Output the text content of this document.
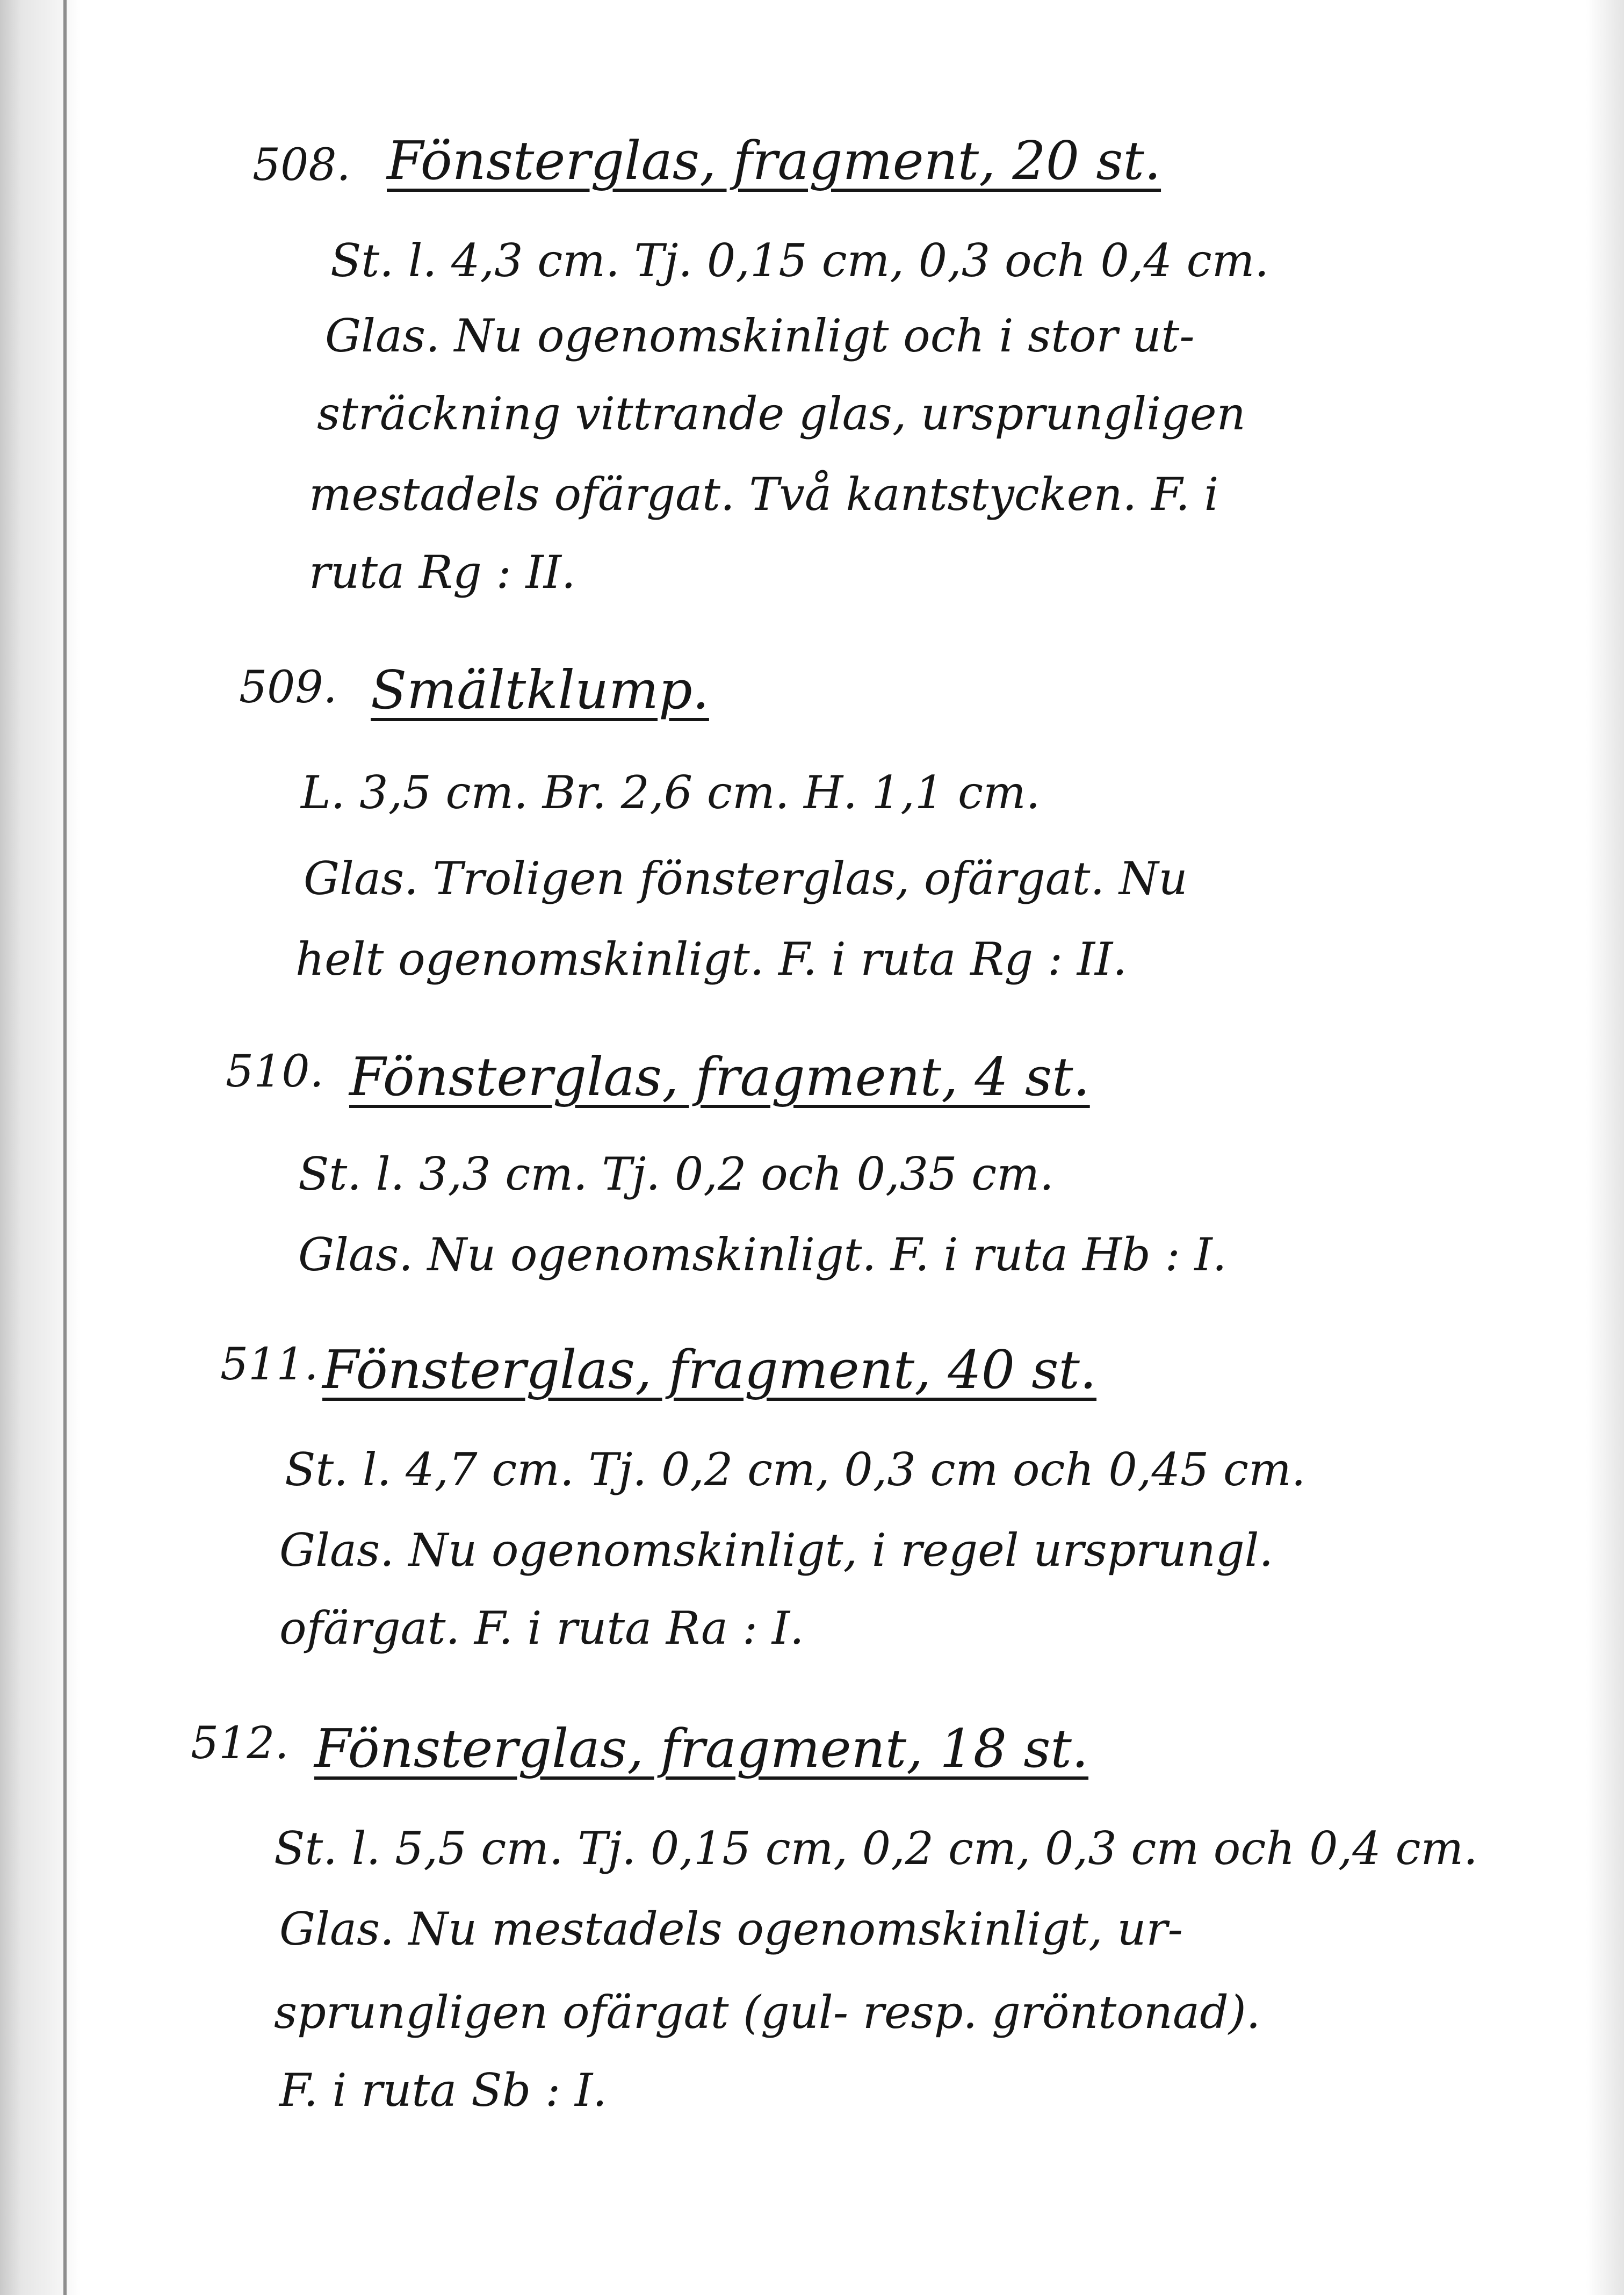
508. Fönsterglas, fragment, 20 st.
St. l. 4,3 cm. Tj. 0,15 cm, 0,3 och 0,4 cm.
Glas. Nu ogenomskinligt och i stor ut-
sträckning vittrande glas, ursprungligen
mestadels ofärgat. Två kantstycken. F. i
ruta Rg : II.
509. Smältklump.
L. 3,5 cm. Br. 2,6 cm. H. 1,1 cm.
Glas. Troligen fönsterglas, ofärgat. Nu
helt ogenomskinligt. F. i ruta Rg : II.
510. Fönsterglas, fragment, 4 st.
St. l. 3,3 cm. Tj. 0,2 och 0,35 cm.
Glas. Nu ogenomskinligt. F. i ruta Hb : I.
511. Fönsterglas, fragment, 40 st.
St. l. 4,7 cm. Tj. 0,2 cm, 0,3 cm och 0,45 cm.
Glas. Nu ogenomskinligt, i regel ursprungl.
ofärgat. F. i ruta Ra : I.
512. Fönsterglas, fragment, 18 st.
St. l. 5,5 cm. Tj. 0,15 cm, 0,2 cm, 0,3 cm och 0,4 cm.
Glas. Nu mestadels ogenomskinligt, ur-
sprungligen ofärgat (gul- resp. gröntonad).
F. i ruta Sb : I.
